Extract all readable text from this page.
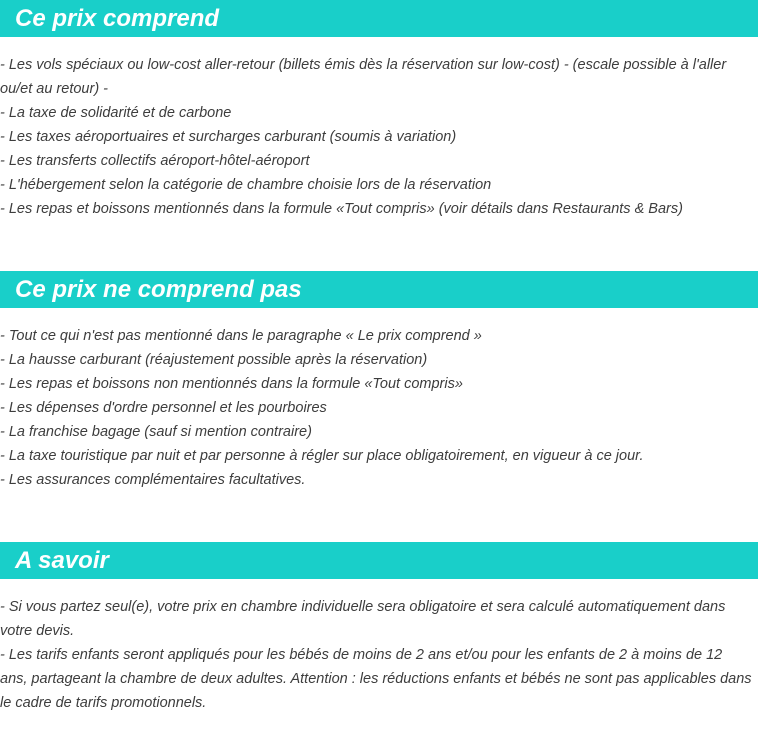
Ce prix comprend
- Les vols spéciaux ou low-cost aller-retour (billets émis dès la réservation sur low-cost) - (escale possible à l'aller ou/et au retour) -
- La taxe de solidarité et de carbone
- Les taxes aéroportuaires et surcharges carburant (soumis à variation)
- Les transferts collectifs aéroport-hôtel-aéroport
- L'hébergement selon la catégorie de chambre choisie lors de la réservation
- Les repas et boissons mentionnés dans la formule «Tout compris» (voir détails dans Restaurants & Bars)
Ce prix ne comprend pas
- Tout ce qui n'est pas mentionné dans le paragraphe « Le prix comprend »
- La hausse carburant (réajustement possible après la réservation)
- Les repas et boissons non mentionnés dans la formule «Tout compris»
- Les dépenses d'ordre personnel et les pourboires
- La franchise bagage (sauf si mention contraire)
- La taxe touristique par nuit et par personne à régler sur place obligatoirement, en vigueur à ce jour.
- Les assurances complémentaires facultatives.
A savoir
- Si vous partez seul(e), votre prix en chambre individuelle sera obligatoire et sera calculé automatiquement dans votre devis.
- Les tarifs enfants seront appliqués pour les bébés de moins de 2 ans et/ou pour les enfants de 2 à moins de 12 ans, partageant la chambre de deux adultes. Attention : les réductions enfants et bébés ne sont pas applicables dans le cadre de tarifs promotionnels.
